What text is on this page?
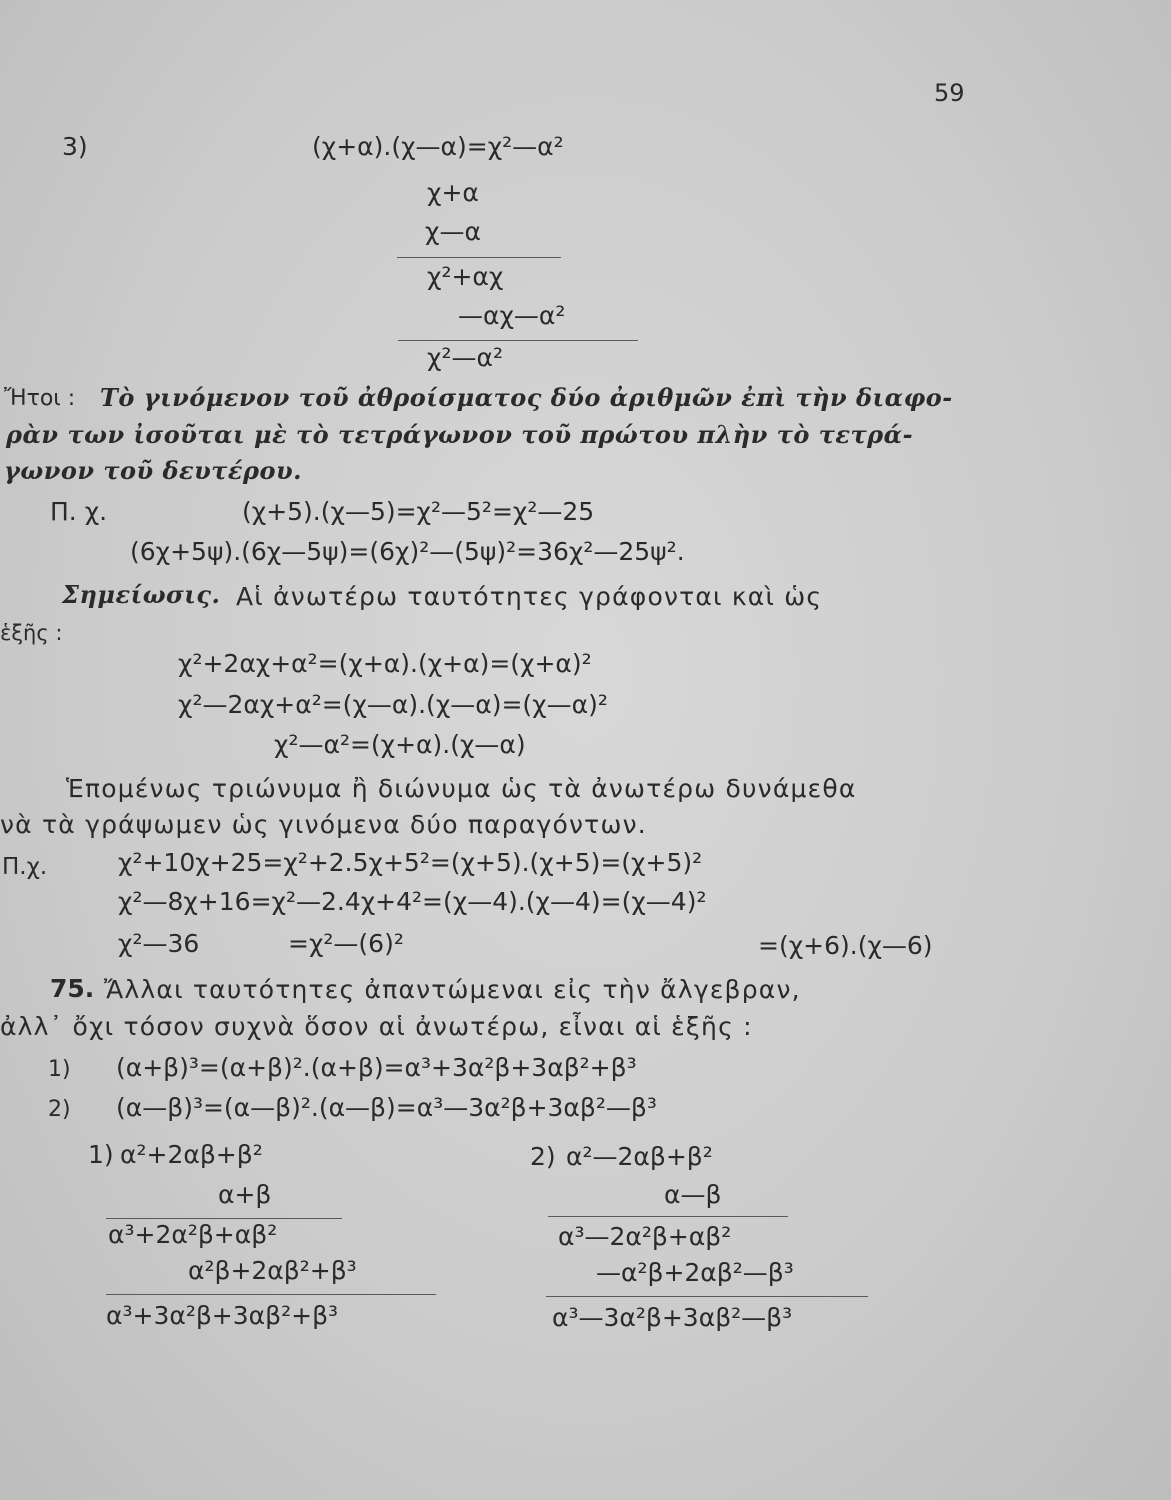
59
3)	(χ+α).(χ—α)=χ²—α²
χ+α
χ—α
χ²+αχ
—αχ—α²
χ²—α²
Ἤτοι : Τὸ γινόμενον τοῦ ἀθροίσματος δύο ἀριθμῶν ἐπὶ τὴν διαφο-
ρὰν των ἰσοῦται μὲ τὸ τετράγωνον τοῦ πρώτου πλὴν τὸ τετρά-
γωνον τοῦ δευτέρου.
Π. χ.	(χ+5).(χ—5)=χ²—5²=χ²—25
(6χ+5ψ).(6χ—5ψ)=(6χ)²—(5ψ)²=36χ²—25ψ².
Σημείωσις. Αἱ ἀνωτέρω ταυτότητες γράφονται καὶ ὡς
ἑξῆς :
χ²+2αχ+α²=(χ+α).(χ+α)=(χ+α)²
χ²—2αχ+α²=(χ—α).(χ—α)=(χ—α)²
χ²—α²=(χ+α).(χ—α)
Ἑπομένως τριώνυμα ἢ διώνυμα ὡς τὰ ἀνωτέρω δυνάμεθα
νὰ τὰ γράψωμεν ὡς γινόμενα δύο παραγόντων.
Π.χ.	χ²+10χ+25=χ²+2.5χ+5²=(χ+5).(χ+5)=(χ+5)²
χ²—8χ+16=χ²—2.4χ+4²=(χ—4).(χ—4)=(χ—4)²
χ²—36	=χ²—(6)²	=(χ+6).(χ—6)
75. Ἄλλαι ταυτότητες ἀπαντώμεναι εἰς τὴν ἄλγεβραν,
ἀλλ᾽ ὄχι τόσον συχνὰ ὅσον αἱ ἀνωτέρω, εἶναι αἱ ἑξῆς :
1) (α+β)³=(α+β)².(α+β)=α³+3α²β+3αβ²+β³
2) (α—β)³=(α—β)².(α—β)=α³—3α²β+3αβ²—β³
1) α²+2αβ+β²
α+β
α³+2α²β+αβ²
α²β+2αβ²+β³
α³+3α²β+3αβ²+β³
2) α²—2αβ+β²
α—β
α³—2α²β+αβ²
—α²β+2αβ²—β³
α³—3α²β+3αβ²—β³
